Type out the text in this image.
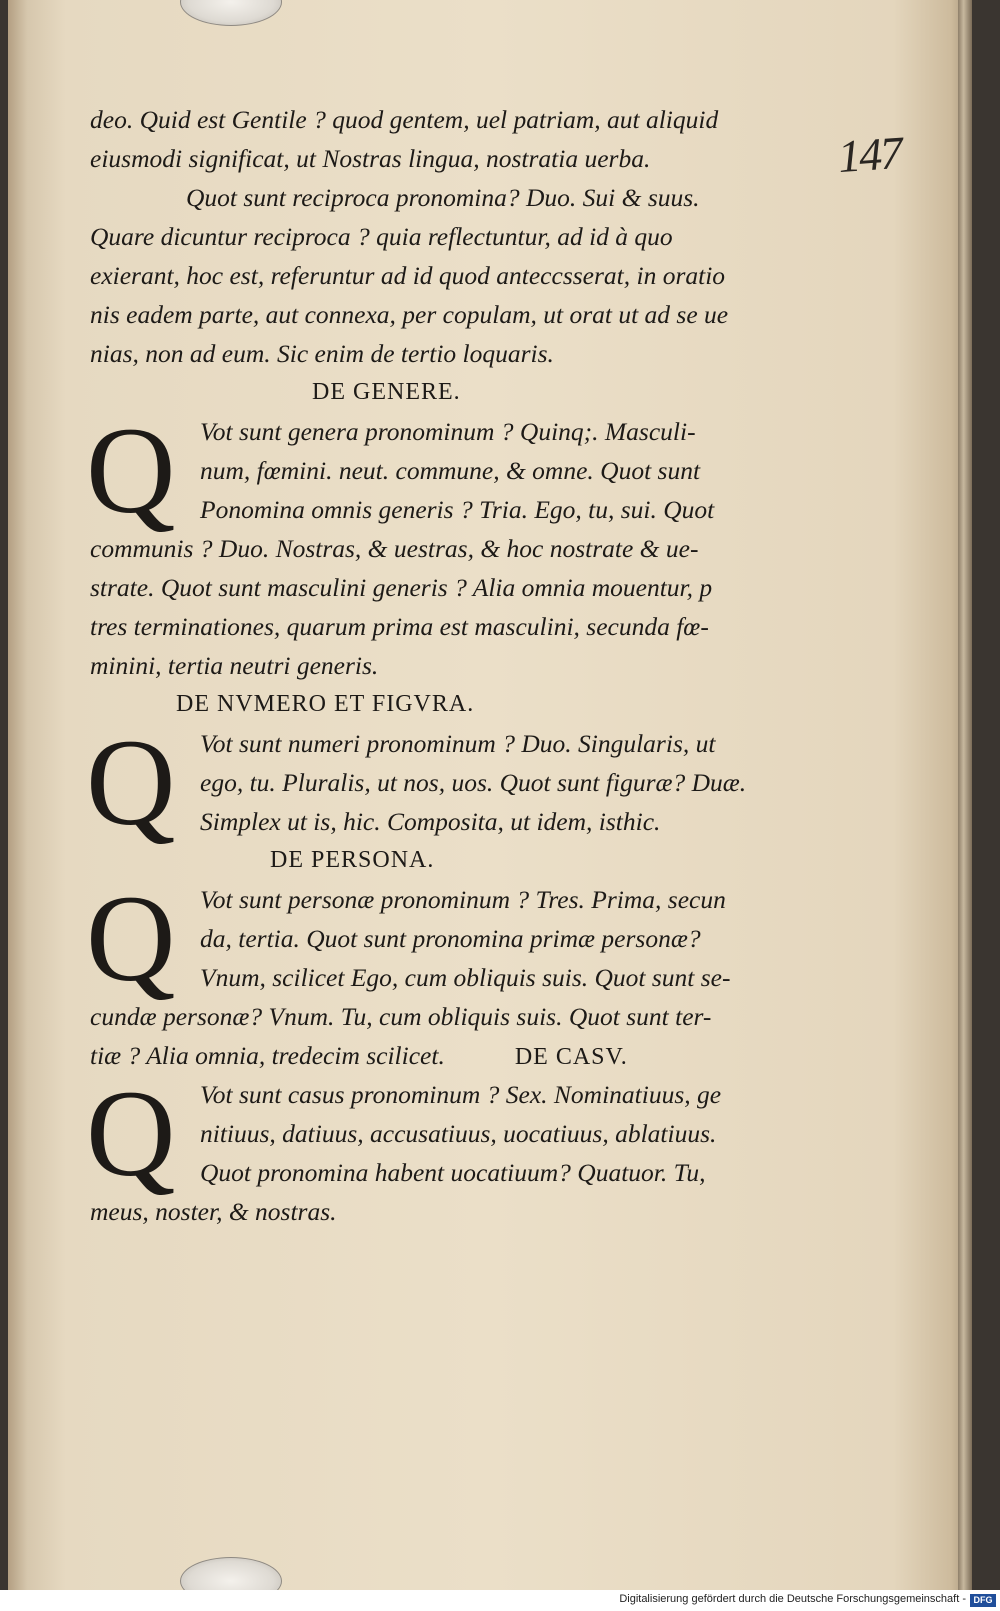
147
deo. Quid est Gentile ? quod gentem, uel patriam, aut aliquid
eiusmodi significat, ut Nostras lingua, nostratia uerba.
Quot sunt reciproca pronomina? Duo. Sui & suus.
Quare dicuntur reciproca ? quia reflectuntur, ad id à quo
exierant, hoc est, referuntur ad id quod anteccsserat, in oratio
nis eadem parte, aut connexa, per copulam, ut orat ut ad se ue
nias, non ad eum. Sic enim de tertio loquaris.
DE GENERE.
Q Vot sunt genera pronominum ? Quinq;. Masculi-
num, fœmini. neut. commune, & omne. Quot sunt
Ponomina omnis generis ? Tria. Ego, tu, sui. Quot
communis ? Duo. Nostras, & uestras, & hoc nostrate & ue-
strate. Quot sunt masculini generis ? Alia omnia mouentur, p
tres terminationes, quarum prima est masculini, secunda fœ-
minini, tertia neutri generis.
DE NVMERO ET FIGVRA.
Q Vot sunt numeri pronominum ? Duo. Singularis, ut
ego, tu. Pluralis, ut nos, uos. Quot sunt figuræ? Duæ.
Simplex ut is, hic. Composita, ut idem, isthic.
DE PERSONA.
Q Vot sunt personæ pronominum ? Tres. Prima, secun
da, tertia. Quot sunt pronomina primæ personæ?
Vnum, scilicet Ego, cum obliquis suis. Quot sunt se-
cundæ personæ? Vnum. Tu, cum obliquis suis. Quot sunt ter-
tiæ ? Alia omnia, tredecim scilicet.	DE CASV.
Q Vot sunt casus pronominum ? Sex. Nominatiuus, ge
nitiuus, datiuus, accusatiuus, uocatiuus, ablatiuus.
Quot pronomina habent uocatiuum? Quatuor. Tu,
meus, noster, & nostras.
Digitalisierung gefördert durch die Deutsche Forschungsgemeinschaft - DFG
